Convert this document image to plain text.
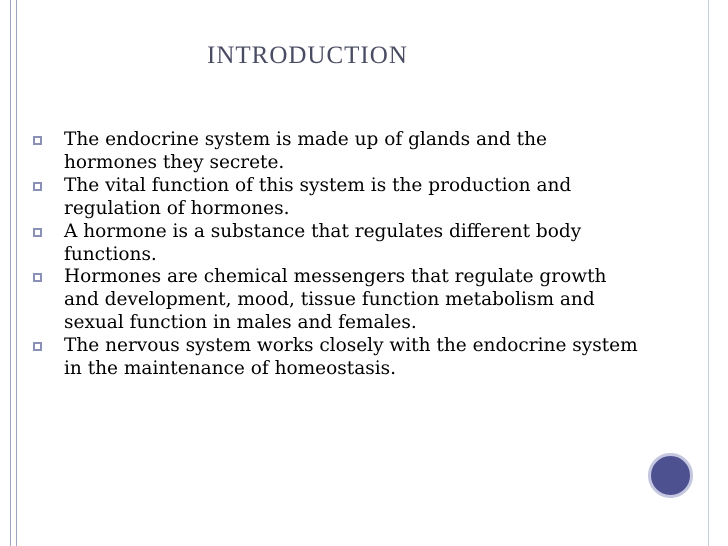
INTRODUCTION
The endocrine system is made up of glands and the hormones they secrete.
The vital function of this system is the production and regulation of hormones.
A hormone is a substance that regulates different body functions.
Hormones are chemical messengers that regulate growth and development, mood, tissue function metabolism and sexual function in males and females.
The nervous system works closely with the endocrine system in the maintenance of homeostasis.
